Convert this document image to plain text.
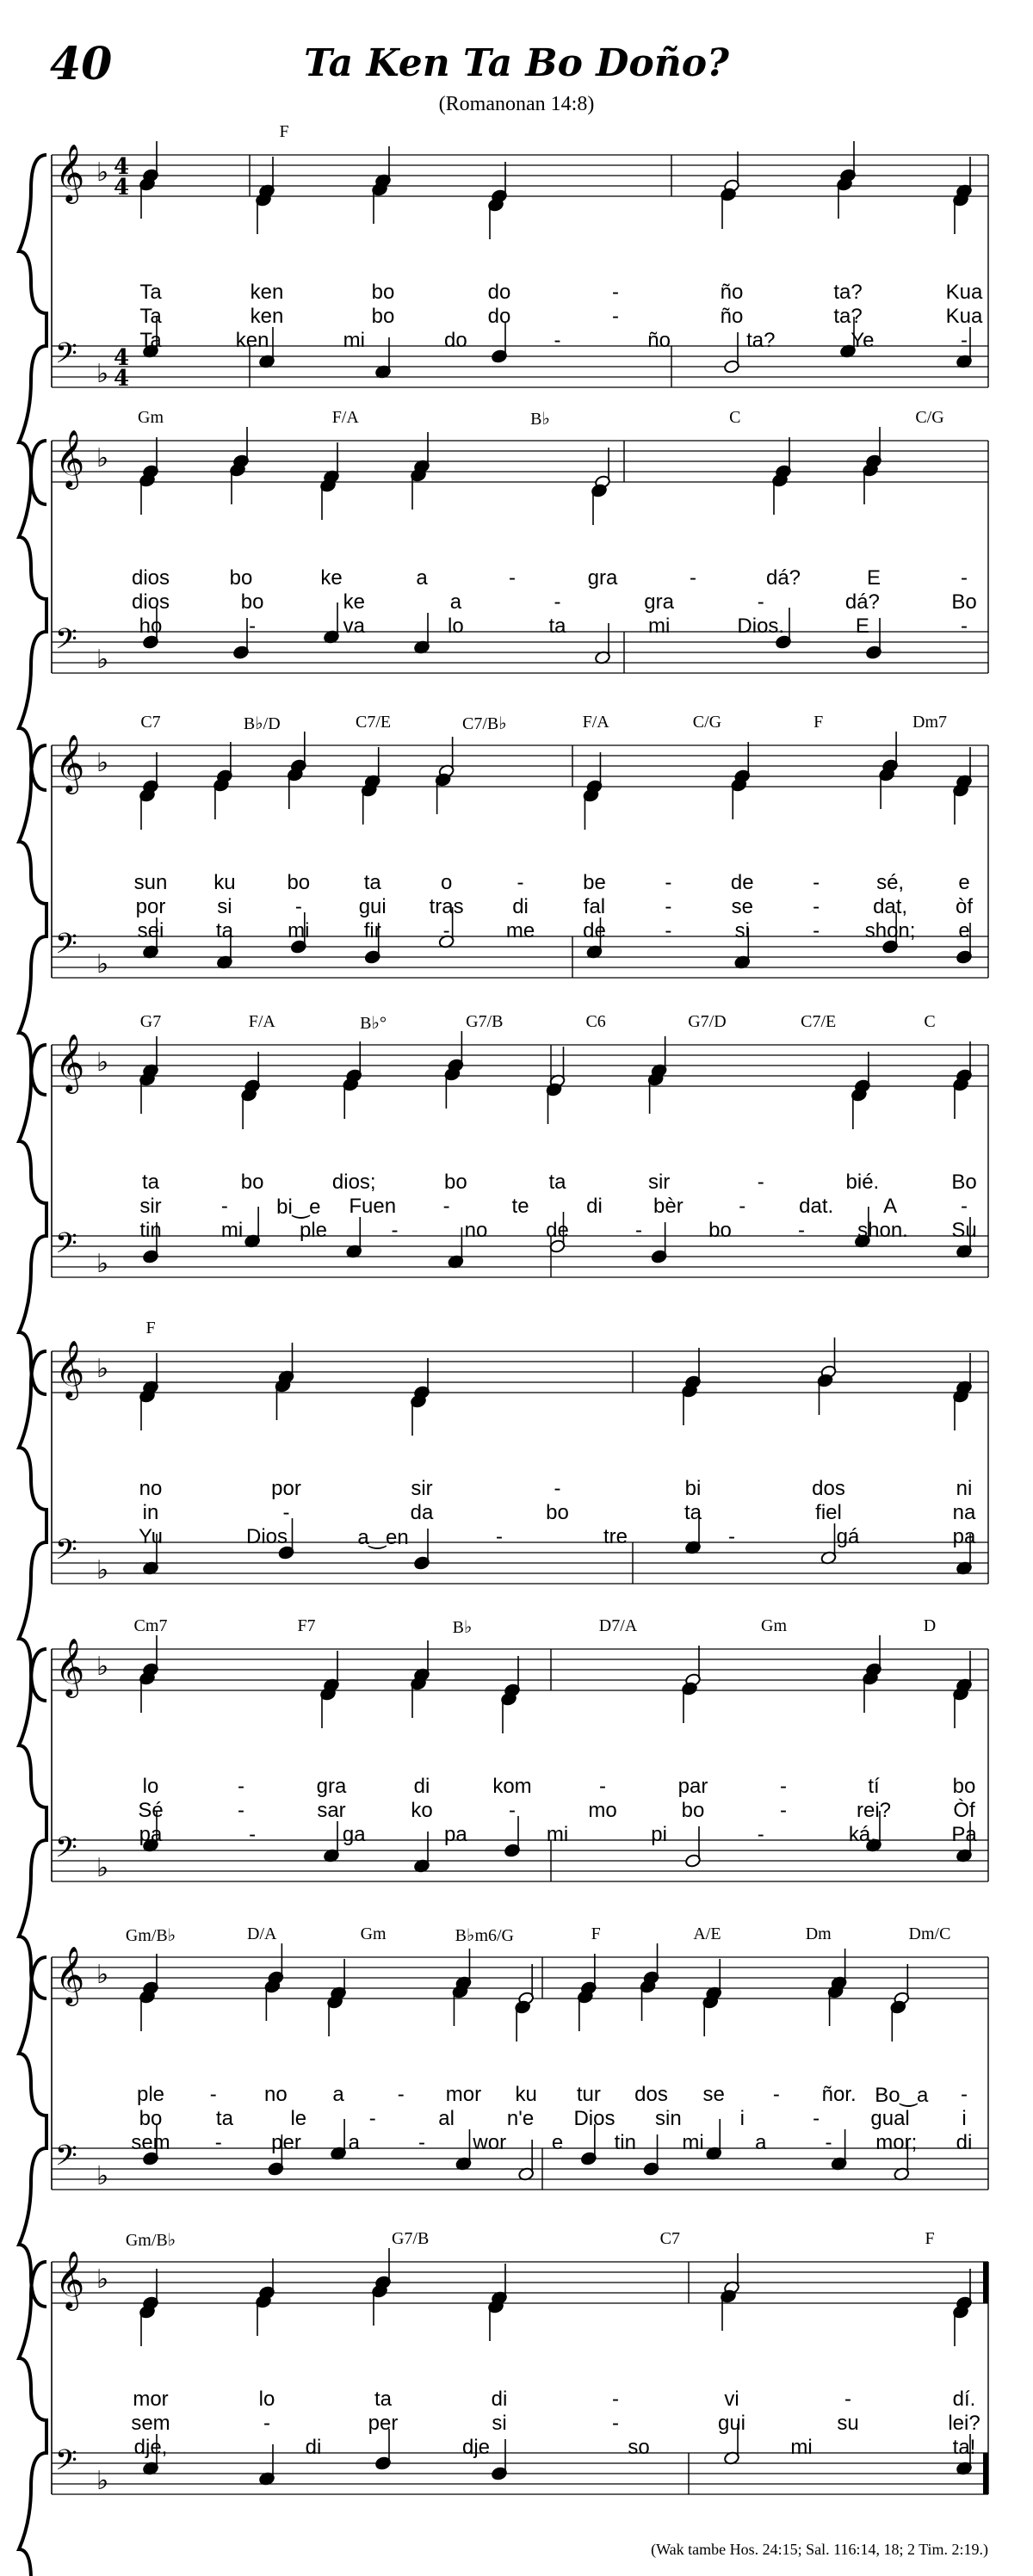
40	Ta Ken Ta Bo Doño?
(Romanonan 14:8)
𝄞 ♭ 4
4
𝄢 ♭
4
4
Ta	ken	bo	do	-	ño	ta?	Kua
Ta	ken	bo	do	-	ño	ta?	Kua
Ta	ken	mi	do	-	ño	ta?	Ye	-
F
𝄞 ♭
𝄢 ♭
dios	bo	ke	a	-	gra	-	dá?	E	-
dios	bo	ke	a	-	gra	-	dá?	Bo
ho	-	va	lo	ta	mi	Dios.	E	-
Gm	F/A	B♭	C	C/G
𝄞 ♭
𝄢 ♭
sun ku bo	ta	o	-	be	-	de	-	sé,	e
por si	-	gui tras di	fal	-	se	-	dat, òf
sei	ta	mi	fir	-	me de	-	si	- shon; e
C7	B♭/D	C7/E	C7/B♭	F/A	C/G	F	Dm7
𝄞 ♭
𝄢 ♭
ta	bo	dios;	bo	ta	sir	-	bié.	Bo
sir	- bi‿e Fuen -	te	di bèr	-	dat. A	-
tin	mi	ple	-	no	de	-	bo	-	shon. Su
G7	F/A	B♭°	G7/B	C6	G7/D	C7/E	C
𝄞 ♭
𝄢 ♭
no	por	sir	-	bi	dos	ni
in	-	da	bo	ta	fiel	na
Yu	Dios	a‿en	-	tre	-	gá	pa
F
𝄞 ♭
𝄢 ♭
lo	-	gra	di	kom	-	par	-	tí	bo
Sé	-	sar	ko	-	mo	bo	-	rei?	Òf
pa	-	ga	pa	mi	pi	-	ká.	Pa
Cm7	F7	B♭	D7/A	Gm	D
𝄞 ♭
𝄢 ♭
ple - no a	- mor ku tur dos se - ñor. Bo‿a -
bo	ta	le	-	al	n'e Dios sin	i	- gual	i
sem - per a	- wor e tin mi a	- mor; di
Gm/B♭	D/A	Gm	B♭m6/G	F	A/E	Dm	Dm/C
𝄞 ♭
𝄢 ♭
mor	lo	ta	di	-	vi	-	dí.
sem	-	per	si	-	gui	su	lei?
dje,	di	dje	so	mi	ta!
Gm/B♭	G7/B	C7	F
(Wak tambe Hos. 24:15; Sal. 116:14, 18; 2 Tim. 2:19.)
